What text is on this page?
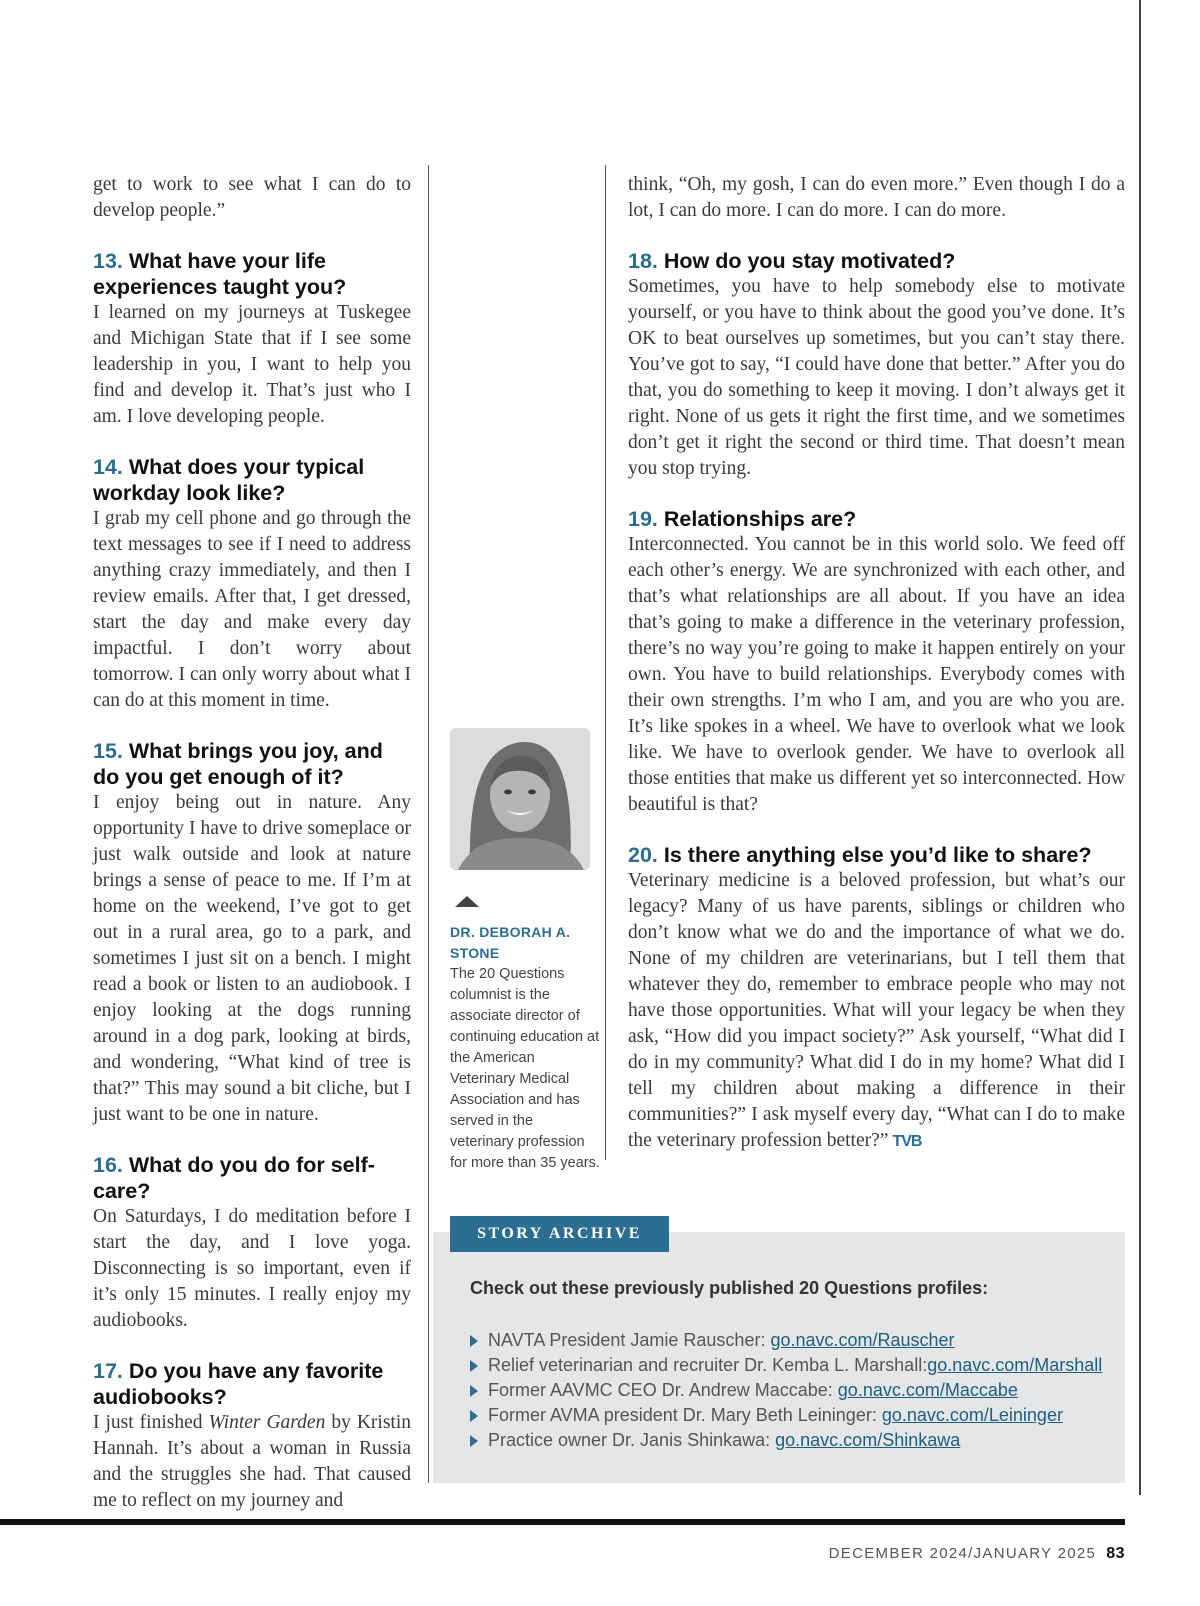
get to work to see what I can do to develop people.”

13. What have your life experiences taught you?

I learned on my journeys at Tuskegee and Michigan State that if I see some leadership in you, I want to help you find and develop it. That’s just who I am. I love developing people.

14. What does your typical workday look like?

I grab my cell phone and go through the text messages to see if I need to address anything crazy immediately, and then I review emails. After that, I get dressed, start the day and make every day impactful. I don’t worry about tomorrow. I can only worry about what I can do at this moment in time.

15. What brings you joy, and do you get enough of it?

I enjoy being out in nature. Any opportunity I have to drive someplace or just walk outside and look at nature brings a sense of peace to me. If I’m at home on the weekend, I’ve got to get out in a rural area, go to a park, and sometimes I just sit on a bench. I might read a book or listen to an audiobook. I enjoy looking at the dogs running around in a dog park, looking at birds, and wondering, “What kind of tree is that?” This may sound a bit cliche, but I just want to be one in nature.

16. What do you do for self-care?

On Saturdays, I do meditation before I start the day, and I love yoga. Disconnecting is so important, even if it’s only 15 minutes. I really enjoy my audiobooks.

17. Do you have any favorite audiobooks?

I just finished Winter Garden by Kristin Hannah. It’s about a woman in Russia and the struggles she had. That caused me to reflect on my journey and

DR. DEBORAH A. STONE
The 20 Questions columnist is the associate director of continuing education at the American Veterinary Medical Association and has served in the veterinary profession for more than 35 years.

think, “Oh, my gosh, I can do even more.” Even though I do a lot, I can do more. I can do more. I can do more.

18. How do you stay motivated?

Sometimes, you have to help somebody else to motivate yourself, or you have to think about the good you’ve done. It’s OK to beat ourselves up sometimes, but you can’t stay there. You’ve got to say, “I could have done that better.” After you do that, you do something to keep it moving. I don’t always get it right. None of us gets it right the first time, and we sometimes don’t get it right the second or third time. That doesn’t mean you stop trying.

19. Relationships are?

Interconnected. You cannot be in this world solo. We feed off each other’s energy. We are synchronized with each other, and that’s what relationships are all about. If you have an idea that’s going to make a difference in the veterinary profession, there’s no way you’re going to make it happen entirely on your own. You have to build relationships. Everybody comes with their own strengths. I’m who I am, and you are who you are. It’s like spokes in a wheel. We have to overlook what we look like. We have to overlook gender. We have to overlook all those entities that make us different yet so interconnected. How beautiful is that?

20. Is there anything else you’d like to share?

Veterinary medicine is a beloved profession, but what’s our legacy? Many of us have parents, siblings or children who don’t know what we do and the importance of what we do. None of my children are veterinarians, but I tell them that whatever they do, remember to embrace people who may not have those opportunities. What will your legacy be when they ask, “How did you impact society?” Ask yourself, “What did I do in my community? What did I do in my home? What did I tell my children about making a difference in their communities?” I ask myself every day, “What can I do to make the veterinary profession better?” TVB

STORY ARCHIVE
Check out these previously published 20 Questions profiles:
NAVTA President Jamie Rauscher:
go.navc.com/Rauscher
Relief veterinarian and recruiter Dr. Kemba L. Marshall: go.navc.com/Marshall
Former AAVMC CEO Dr. Andrew Maccabe:
go.navc.com/Maccabe
Former AVMA president Dr. Mary Beth Leininger:
go.navc.com/Leininger
Practice owner Dr. Janis Shinkawa:
go.navc.com/Shinkawa
DECEMBER 2024/JANUARY 2025 83
